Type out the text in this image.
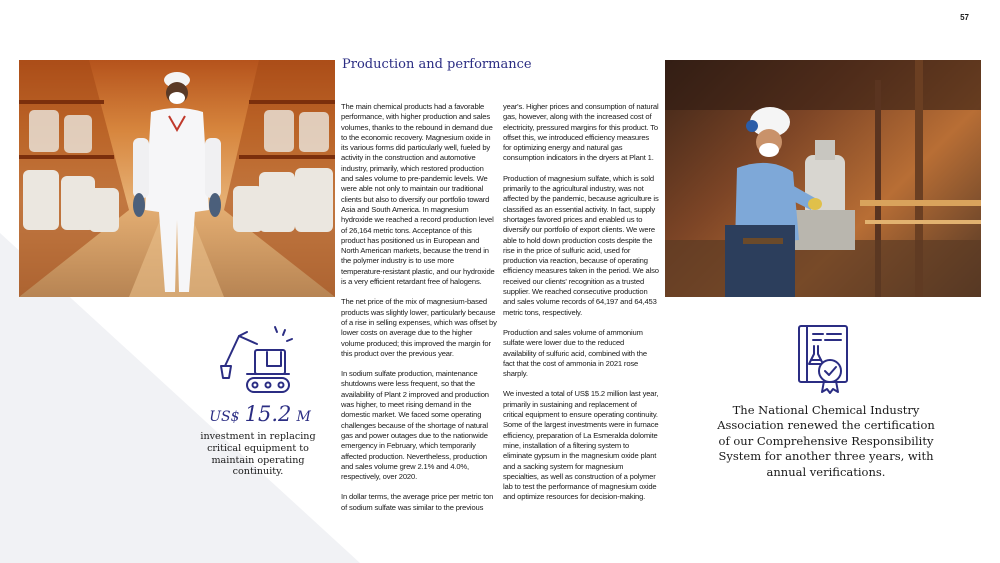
57
Production and performance

The main chemical products had a favorable performance, with higher production and sales volumes, thanks to the rebound in demand due to the economic recovery. Magnesium oxide in its various forms did particularly well, fueled by activity in the construction and automotive industry, primarily, which restored production and sales volume to pre-pandemic levels. We were able not only to maintain our traditional clients but also to diversify our portfolio toward Asia and South America. In magnesium hydroxide we reached a record production level of 26,164 metric tons. Acceptance of this product has positioned us in European and North American markets, because the trend in the polymer industry is to use more temperature-resistant plastic, and our hydroxide is a very efficient retardant free of halogens.

The net price of the mix of magnesium-based products was slightly lower, particularly because of a rise in selling expenses, which was offset by lower costs on average due to the higher volume produced; this improved the margin for this product over the previous year.

In sodium sulfate production, maintenance shutdowns were less frequent, so that the availability of Plant 2 improved and production was higher, to meet rising demand in the domestic market. We faced some operating challenges because of the shortage of natural gas and power outages due to the nationwide emergency in February, which temporarily affected production. Nevertheless, production and sales volume grew 2.1% and 4.0%, respectively, over 2020.

In dollar terms, the average price per metric ton of sodium sulfate was similar to the previous

year's. Higher prices and consumption of natural gas, however, along with the increased cost of electricity, pressured margins for this product. To offset this, we introduced efficiency measures for optimizing energy and natural gas consumption indicators in the dryers at Plant 1.

Production of magnesium sulfate, which is sold primarily to the agricultural industry, was not affected by the pandemic, because agriculture is classified as an essential activity. In fact, supply shortages favored prices and enabled us to diversify our portfolio of export clients. We were able to hold down production costs despite the rise in the price of sulfuric acid, used for production via reaction, because of operating efficiency measures taken in the period. We also received our clients' recognition as a trusted supplier. We reached consecutive production and sales volume records of 64,197 and 64,453 metric tons, respectively.

Production and sales volume of ammonium sulfate were lower due to the reduced availability of sulfuric acid, combined with the fact that the cost of ammonia in 2021 rose sharply.

We invested a total of US$ 15.2 million last year, primarily in sustaining and replacement of critical equipment to ensure operating continuity. Some of the largest investments were in furnace efficiency, preparation of La Esmeralda dolomite mine, installation of a filtering system to eliminate gypsum in the magnesium oxide plant and a sacking system for magnesium specialties, as well as construction of a polymer lab to test the performance of magnesium oxide and optimize resources for decision-making.

US$ 15.2 M
investment in replacing critical equipment to maintain operating continuity.
The National Chemical Industry Association renewed the certification of our Comprehensive Responsibility System for another three years, with annual verifications.
